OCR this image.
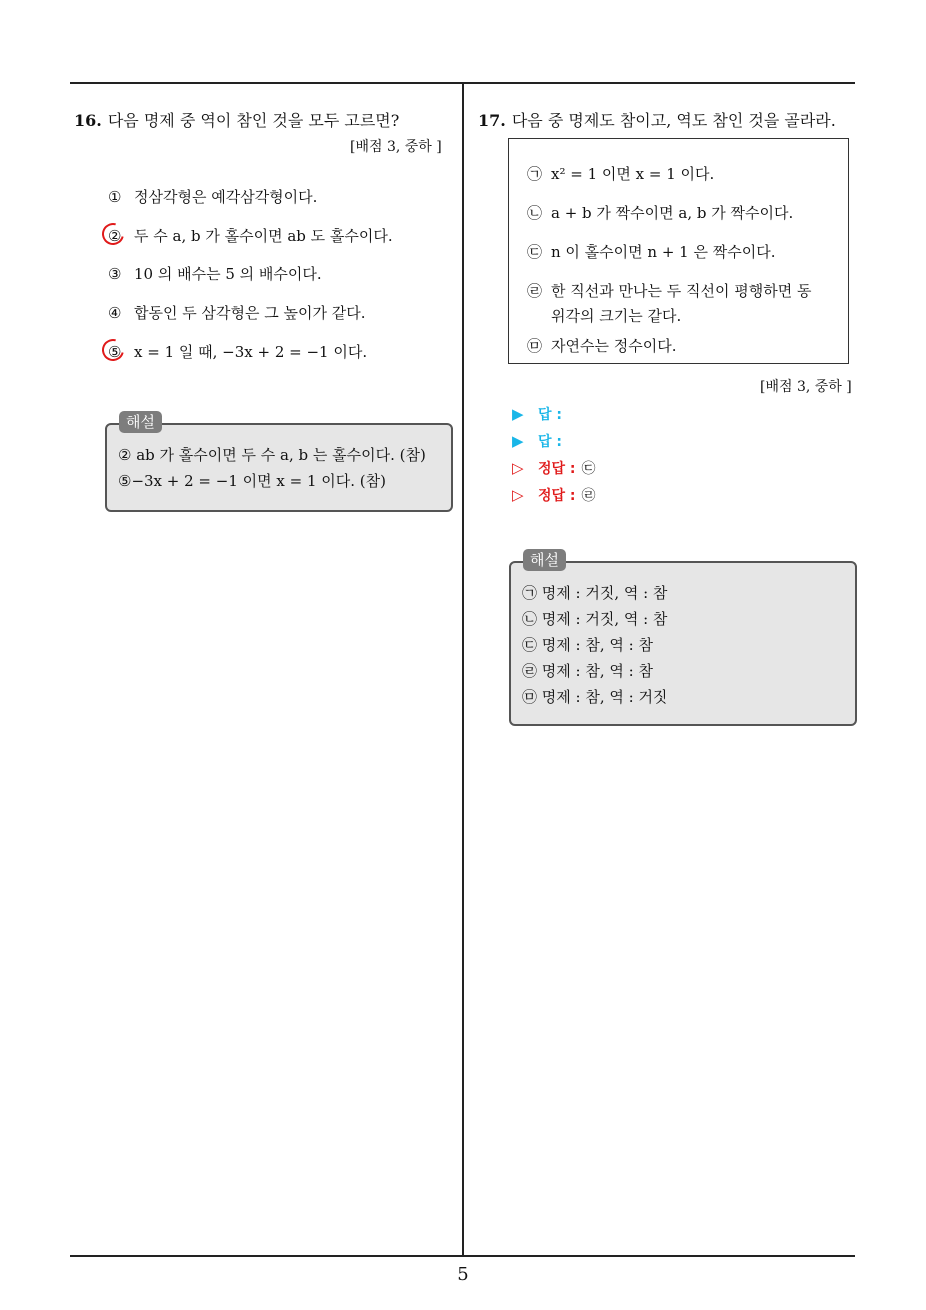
16. 다음 명제 중 역이 참인 것을 모두 고르면?
[배점 3, 중하 ]
① 정삼각형은 예각삼각형이다.
② 두 수 a, b 가 홀수이면 ab 도 홀수이다.
③ 10 의 배수는 5 의 배수이다.
④ 합동인 두 삼각형은 그 높이가 같다.
⑤ x = 1 일 때, −3x + 2 = −1 이다.
해설
② ab 가 홀수이면 두 수 a, b 는 홀수이다. (참)
⑤−3x + 2 = −1 이면 x = 1 이다. (참)
17. 다음 중 명제도 참이고, 역도 참인 것을 골라라.
㉠ x² = 1 이면 x = 1 이다.
㉡ a + b 가 짝수이면 a, b 가 짝수이다.
㉢ n 이 홀수이면 n + 1 은 짝수이다.
㉣ 한 직선과 만나는 두 직선이 평행하면 동
위각의 크기는 같다.
㉤ 자연수는 정수이다.
[배점 3, 중하 ]
▶ 답 :
▶ 답 :
▷ 정답 : ㉢
▷ 정답 : ㉣
해설
㉠ 명제 : 거짓, 역 : 참
㉡ 명제 : 거짓, 역 : 참
㉢ 명제 : 참, 역 : 참
㉣ 명제 : 참, 역 : 참
㉤ 명제 : 참, 역 : 거짓
5
